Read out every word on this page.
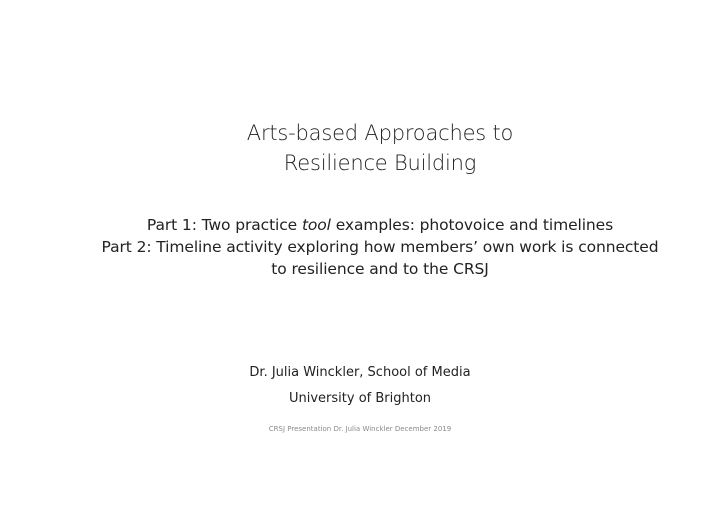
Arts-based Approaches to
Resilience Building
Part 1: Two practice tool examples: photovoice and timelines
Part 2: Timeline activity exploring how members’ own work is connected
to resilience and to the CRSJ
Dr. Julia Winckler, School of Media
University of Brighton
CRSJ Presentation Dr. Julia Winckler December 2019
